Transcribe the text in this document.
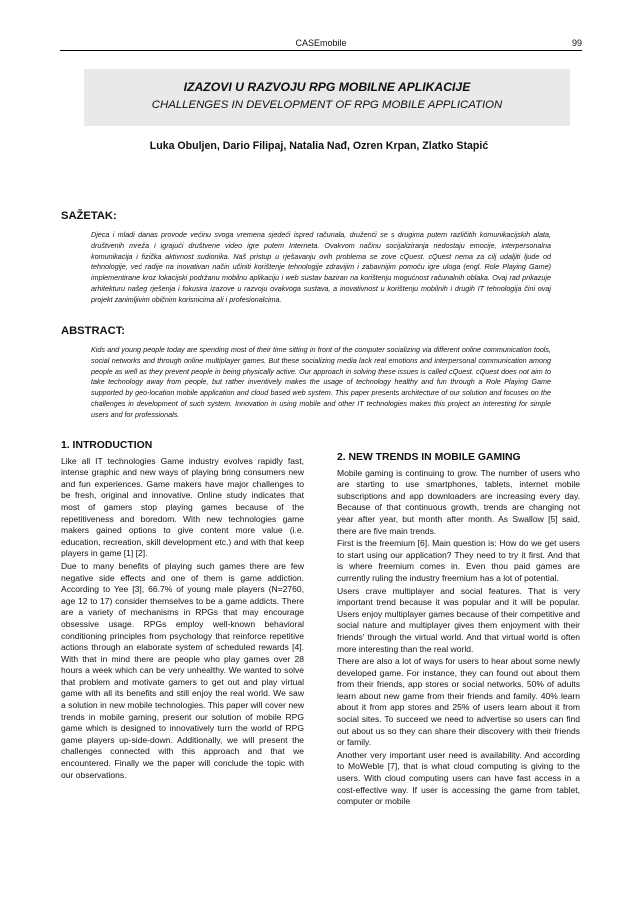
CASEmobile	99
IZAZOVI U RAZVOJU RPG MOBILNE APLIKACIJE
CHALLENGES IN DEVELOPMENT OF RPG MOBILE APPLICATION
Luka Obuljen, Dario Filipaj, Natalia Nađ, Ozren Krpan, Zlatko Stapić
SAŽETAK:
Djeca i mladi danas provode većinu svoga vremena sjedeći ispred računala, druženći se s drugima putem različitih komunikacijskih alata, društvenih mreža i igrajući društvene video igre putem Interneta. Ovakvom načinu socijaliziranja nedostaju emocije, interpersonalna komunikacija i fizička aktivnost sudionika. Naš pristup u rješavanju ovih problema se zove cQuest. cQuest nema za cilj udaljiti ljude od tehnologije, već radije na inovativan način učiniti korištenje tehnologije zdravijim i zabavnijim pomoću igre uloga (engl. Role Playing Game) implementirane kroz lokacijski podržanu mobilnu aplikaciju i web sustav baziran na korištenju mogućnost računalnih oblaka. Ovaj rad prikazuje arhitekturu našeg rješenja i fokusira izazove u razvoju ovakvoga sustava, a inovativnost u korištenju mobilnih i drugih IT tehnologija čini ovaj projekt zanimljivim običnim korisnicima ali i profesionalcima.
ABSTRACT:
Kids and young people today are spending most of their time sitting in front of the computer socializing via different online communication tools, social networks and through online multiplayer games. But these socializing media lack real emotions and interpersonal communication among people as well as they prevent people in being physically active. Our approach in solving these issues is called cQuest. cQuest does not aim to take technology away from people, but rather inventively makes the usage of technology healthy and fun through a Role Playing Game supported by geo-location mobile application and cloud based web system. This paper presents architecture of our solution and focuses on the challenges in development of such system. Innovation in using mobile and other IT technologies makes this project an interesting for simple users and for professionals.
1. INTRODUCTION

Like all IT technologies Game industry evolves rapidly fast, intense graphic and new ways of playing bring consumers new and fun experiences. Game makers have major challenges to be fresh, original and innovative. Online study indicates that most of gamers stop playing games because of the repetitiveness and boredom. With new technologies game makers gained options to give content more value (i.e. education, recreation, skill development etc.) and with that keep players in game [1] [2].

Due to many benefits of playing such games there are few negative side effects and one of them is game addiction. According to Yee [3], 66.7% of young male players (N=2760, age 12 to 17) consider themselves to be a game addicts. There are a variety of mechanisms in RPGs that may encourage obsessive usage. RPGs employ well-known behavioral conditioning principles from psychology that reinforce repetitive actions through an elaborate system of scheduled rewards [4]. With that in mind there are people who play games over 28 hours a week which can be very unhealthy. We wanted to solve that problem and motivate gamers to get out and play virtual game with all its benefits and still enjoy the real world. We saw a solution in new mobile technologies. This paper will cover new trends in mobile gaming, present our solution of mobile RPG game which is designed to innovatively turn the world of RPG game players up-side-down. Additionally, we will present the challenges connected with this approach and that we encountered. Finally we the paper will conclude the topic with our observations.

2. NEW TRENDS IN MOBILE GAMING

Mobile gaming is continuing to grow. The number of users who are starting to use smartphones, tablets, internet mobile subscriptions and app downloaders are increasing every day. Because of that continuous growth, trends are changing not year after year, but month after month. As Swallow [5] said, there are five main trends.

First is the freemium [6]. Main question is: How do we get users to start using our application? They need to try it first. And that is where freemium comes in. Even thou paid games are currently ruling the industry freemium has a lot of potential.

Users crave multiplayer and social features. That is very important trend because it was popular and it will be popular. Users enjoy multiplayer games because of their competitive and social nature and multiplayer gives them enjoyment with their friends' through the virtual world. And that virtual world is often more interesting than the real world.

There are also a lot of ways for users to hear about some newly developed game. For instance, they can found out about them from their friends, app stores or social networks. 50% of adults learn about new game from their friends and family. 40% learn about it from app stores and 25% of users learn about it from social sites. To succeed we need to advertise so users can find out about us so they can share their discovery with their friends or family.

Another very important user need is availability. And according to MoWeble [7], that is what cloud computing is giving to the users. With cloud computing users can have fast access in a cost-effective way. If user is accessing the game from tablet, computer or mobile
